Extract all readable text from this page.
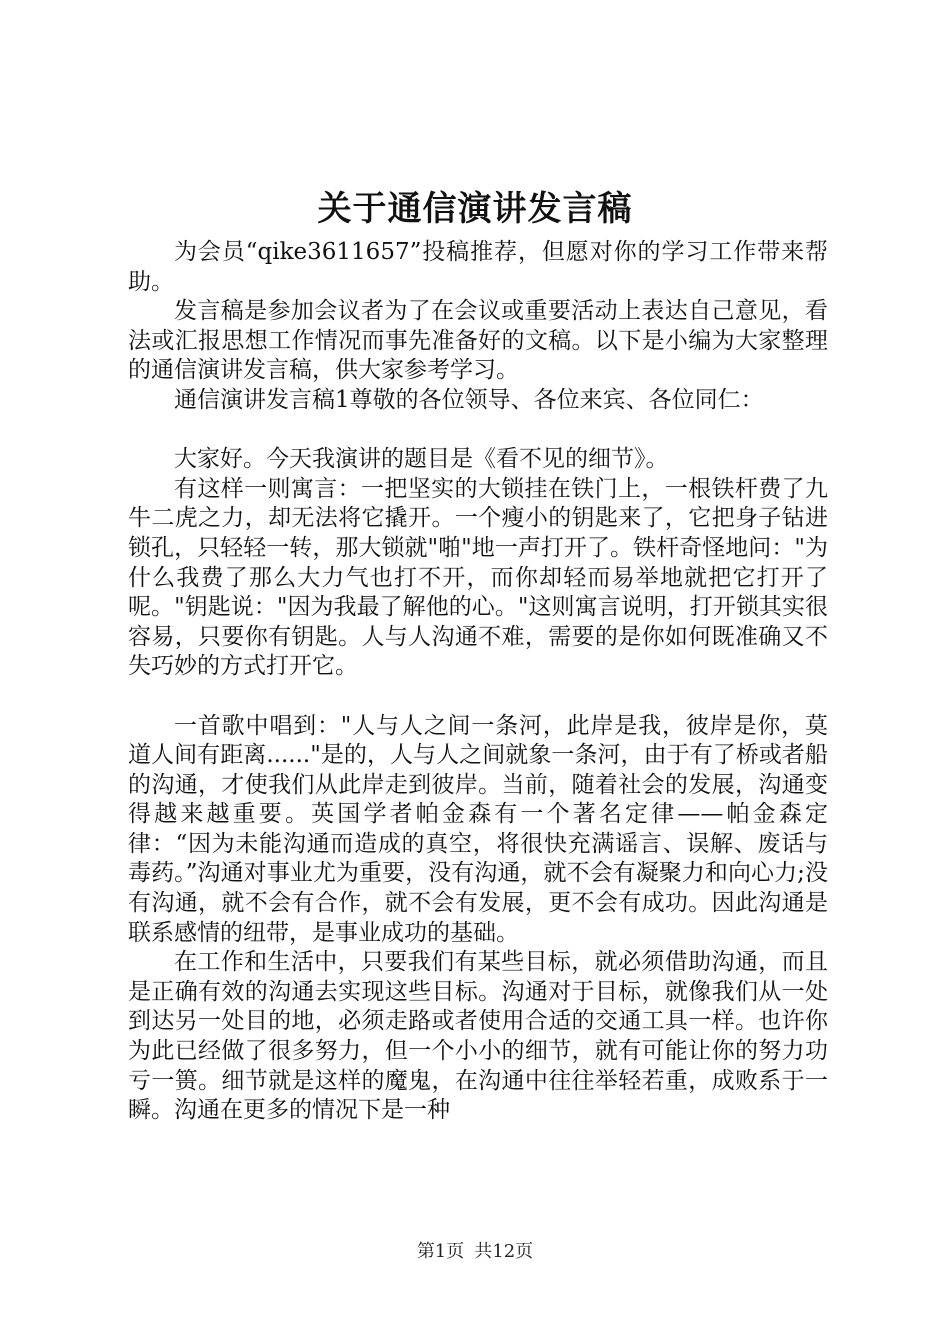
关于通信演讲发言稿

为会员“qike3611657”投稿推荐，但愿对你的学习工作带来帮助。

发言稿是参加会议者为了在会议或重要活动上表达自己意见，看法或汇报思想工作情况而事先准备好的文稿。以下是小编为大家整理的通信演讲发言稿，供大家参考学习。

通信演讲发言稿1尊敬的各位领导、各位来宾、各位同仁：

大家好。今天我演讲的题目是《看不见的细节》。

有这样一则寓言：一把坚实的大锁挂在铁门上，一根铁杆费了九牛二虎之力，却无法将它撬开。一个瘦小的钥匙来了，它把身子钻进锁孔，只轻轻一转，那大锁就"啪"地一声打开了。铁杆奇怪地问："为什么我费了那么大力气也打不开，而你却轻而易举地就把它打开了呢。"钥匙说："因为我最了解他的心。"这则寓言说明，打开锁其实很容易，只要你有钥匙。人与人沟通不难，需要的是你如何既准确又不失巧妙的方式打开它。

一首歌中唱到："人与人之间一条河，此岸是我，彼岸是你，莫道人间有距离......"是的，人与人之间就象一条河，由于有了桥或者船的沟通，才使我们从此岸走到彼岸。当前，随着社会的发展，沟通变得越来越重要。英国学者帕金森有一个著名定律——帕金森定律：“因为未能沟通而造成的真空，将很快充满谣言、误解、废话与毒药。”沟通对事业尤为重要，没有沟通，就不会有凝聚力和向心力;没有沟通，就不会有合作，就不会有发展，更不会有成功。因此沟通是联系感情的纽带，是事业成功的基础。

在工作和生活中，只要我们有某些目标，就必须借助沟通，而且是正确有效的沟通去实现这些目标。沟通对于目标，就像我们从一处到达另一处目的地，必须走路或者使用合适的交通工具一样。也许你为此已经做了很多努力，但一个小小的细节，就有可能让你的努力功亏一篑。细节就是这样的魔鬼，在沟通中往往举轻若重，成败系于一瞬。沟通在更多的情况下是一种

第1页 共12页
